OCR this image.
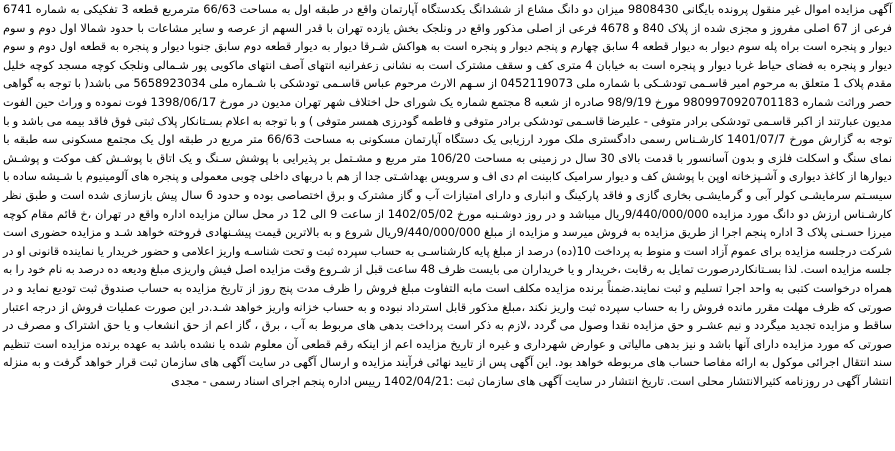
آگهی مزایده اموال غیر منقول پرونده بایگانی 9808430 میزان دو دانگ مشاع از ششدانگ یکدستگاه آپارتمان واقع در طبقه اول به مساحت 66/63 مترمربع قطعه 3 تفکیکی به شماره 6741 فرعی از 67 اصلی مفروز و مجزی شده از پلاک 840 و 4678 فرعی از اصلی مذکور واقع در ونلجک بخش یازده تهران با قدر السهم از عرصه و سایر مشاعات با حدود شمالا اول دوم و سوم دیوار و پنجره است براه پله سوم دیوار به دیوار قطعه 4 سابق چهارم و پنجم دیوار و پنجره است به هواکش شـرقا دیوار به دیوار قطعه دوم سابق جنوبا دیوار و پنجره به قطعه اول دوم و سوم دیوار و پنجره به فضای حیاط غربا دیوار و پنجره است به خیابان 4 متری کف و سقف مشترک است به نشانی زعفرانیه انتهای آصف انتهای ماکویی پور شـمالی ونلجک کوچه مسجد کوچه خلیل مقدم پلاک 1 متعلق به مرحوم امیر قاسـمی تودشـکی با شماره ملی 0452119073 از سـهم الارث مرحوم عباس قاسـمی تودشکی با شـماره ملی 5658923034 می باشد( با توجه به گواهی حصر وراثت شماره 980997092070118‌3 مورخ 98/9/19 صادره از شعبه 8 مجتمع شماره یک شورای حل اختلاف شهر تهران مدیون در مورخ 1398/06/17 فوت نموده و وراث حین الفوت مدیون عبارتند از اکبر قاسـمی تودشکی برادر متوفی - علیرضا قاسـمی تودشکی برادر متوفی و فاطمه گودرزی همسر متوفی ) و با توجه به اعلام بسـتانکار پلاک ثبتی فوق فاقد بیمه می باشد و با توجه به گزارش مورخ 1401/07/7 کارشـناس رسمی دادگستری ملک مورد ارزیابی یک دستگاه آپارتمان مسکونی به مساحت 66/63 متر مربع در طبقه اول یک مجتمع مسکونی سه طبقه با نمای سنگ و اسکلت فلزی و بدون آسانسور با قدمت بالای 30 سال در زمینی به مساحت 106/20 متر مربع و مشـتمل بر پذیرایی با پوشش سـنگ و یک اتاق با پوشـش کف موکت و پوشـش دیوارها از کاغذ دیواری و آشـپزخانه اوپن با پوشش کف و دیوار سرامیک کابینت ام دی اف و سرویس بهداشـتی جدا از هم با دربهای داخلی چوبی معمولی و پنجره های آلومینیوم با شـیشه ساده با سیسـتم سرمایشـی کولر آبی و گرمایشـی بخاری گازی و فاقد پارکینگ و انباری و دارای امتیازات آب و گاز مشترک و برق اختصاصی بوده و حدود 6 سال پیش بازسازی شده است و طبق نظر کارشـناس ارزش دو دانگ مورد مزایده 9/440/000/000ریال میباشد و در روز دوشـنبه مورخ 1402/05/02 از ساعت 9 الی 12 در محل سالن مزایده اداره واقع در تهران ،خ قائم مقام کوچه میرزا حسـنی پلاک 3 اداره پنجم اجرا از طریق مزایده به فروش میرسد و مزایده از مبلغ 9/440/000/000ریال شروع و به بالاترین قیمت پیشـنهادی فروخته خواهد شـد و مزایده حضوری است شرکت درجلسه مزایده برای عموم آزاد است و منوط به پرداخت 10(ده) درصد از مبلغ پایه کارشناسـی به حساب سپرده ثبت و تحت شناسـه واریز اعلامی و حضور خریدار یا نماینده قانونی او در جلسه مزایده است. لذا بسـتانکاردرصورت تمایل به رقابت ،خریدار و یا خریداران می بایست ظرف 48 ساعت قبل از شـروع وقت مزایده اصل فیش واریزی مبلغ ودیعه ده درصد به نام خود را به همراه درخواست کتبی به واحد اجرا تسلیم و ثبت نمایند.ضمناً برنده مزایده مکلف است مابه التفاوت مبلغ فروش را ظرف مدت پنج روز از تاریخ مزایده به حساب صندوق ثبت تودیع نماید و در صورتی که ظرف مهلت مقرر مانده فروش را به حساب سپرده ثبت واریز نکند ،مبلغ مذکور قابل استرداد نبوده و به حساب خزانه واریز خواهد شـد.در این صورت عملیات فروش از درجه اعتبار ساقط و مزایده تجدید میگردد و نیم عشـر و حق مزایده نقدا وصول می گردد ،لازم به ذکر است پرداخت بدهی های مربوط به آب ، برق ، گاز اعم از حق انشعاب و یا حق اشتراک و مصرف در صورتی که مورد مزایده دارای آنها باشد و نیز بدهی مالیاتی و عوارض شهرداری و غیره از تاریخ مزایده اعم از اینکه رقم قطعی آن معلوم شده یا نشده باشد به عهده برنده مزایده است تنظیم سند انتقال اجرائی موکول به ارائه مفاصا حساب های مربوطه خواهد بود. این آگهی پس از تایید نهائی فرآیند مزایده و ارسال آگهی در سایت آگهی های سازمان ثبت قرار خواهد گرفت و به منزله انتشار آگهی در روزنامه کثیرالانتشار محلی است. تاریخ انتشار در سایت آگهی های سازمان ثبت :1402/04/21 رییس اداره پنجم اجرای اسناد رسمی - مجدی
